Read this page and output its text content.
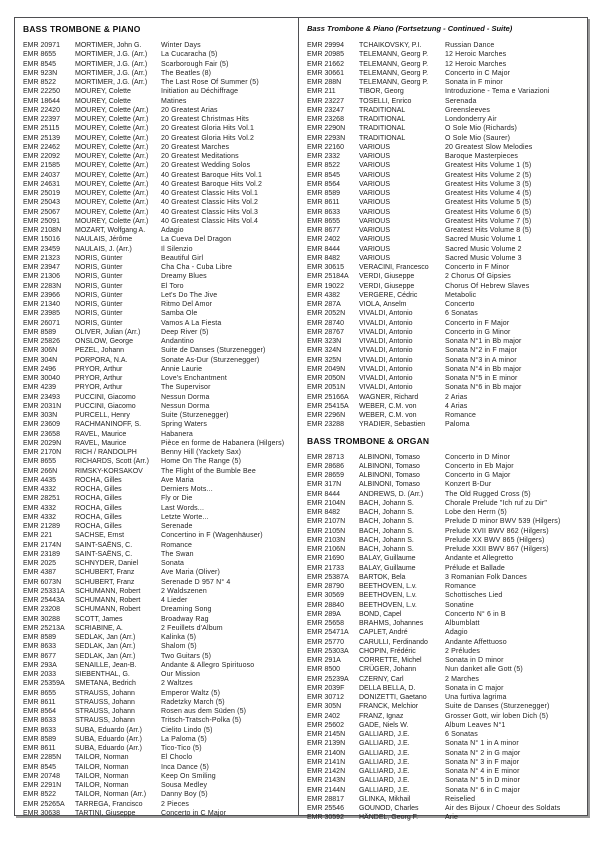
BASS TROMBONE & PIANO
EMR 20971	MORTIMER, John G.	Winter Days
EMR 8655	MORTIMER, J.G. (Arr.)	La Cucaracha (5)
EMR 8545	MORTIMER, J.G. (Arr.)	Scarborough Fair (5)
EMR 923N	MORTIMER, J.G. (Arr.)	The Beatles (8)
EMR 8522	MORTIMER, J.G. (Arr.)	The Last Rose Of Summer (5)
EMR 22250	MOUREY, Colette	Initiation au Déchiffrage
EMR 18644	MOUREY, Colette	Matines
EMR 22420	MOUREY, Colette (Arr.)	20 Greatest Arias
EMR 22397	MOUREY, Colette (Arr.)	20 Greatest Christmas Hits
EMR 25115	MOUREY, Colette (Arr.)	20 Greatest Gloria Hits Vol.1
EMR 25139	MOUREY, Colette (Arr.)	20 Greatest Gloria Hits Vol.2
EMR 22462	MOUREY, Colette (Arr.)	20 Greatest Marches
EMR 22092	MOUREY, Colette (Arr.)	20 Greatest Meditations
EMR 21585	MOUREY, Colette (Arr.)	20 Greatest Wedding Solos
EMR 24037	MOUREY, Colette (Arr.)	40 Greatest Baroque Hits Vol.1
EMR 24631	MOUREY, Colette (Arr.)	40 Greatest Baroque Hits Vol.2
EMR 25019	MOUREY, Colette (Arr.)	40 Greatest Classic Hits Vol.1
EMR 25043	MOUREY, Colette (Arr.)	40 Greatest Classic Hits Vol.2
EMR 25067	MOUREY, Colette (Arr.)	40 Greatest Classic Hits Vol.3
EMR 25091	MOUREY, Colette (Arr.)	40 Greatest Classic Hits Vol.4
EMR 2108N	MOZART, Wolfgang A.	Adagio
EMR 15016	NAULAIS, Jérôme	La Cueva Del Dragon
EMR 23459	NAULAIS, J. (Arr.)	Il Silenzio
EMR 21323	NORIS, Günter	Beautiful Girl
EMR 23947	NORIS, Günter	Cha Cha - Cuba Libre
EMR 21306	NORIS, Günter	Dreamy Blues
EMR 2283N	NORIS, Günter	El Toro
EMR 23966	NORIS, Günter	Let's Do The Jive
EMR 21340	NORIS, Günter	Ritmo Del Amor
EMR 23985	NORIS, Günter	Samba Ole
EMR 26071	NORIS, Günter	Vamos A La Fiesta
EMR 8589	OLIVER, Julian (Arr.)	Deep River (5)
EMR 25826	ONSLOW, George	Andantino
EMR 306N	PEZEL, Johann	Suite de Danses (Sturzenegger)
EMR 304N	PORPORA, N.A.	Sonate As-Dur (Sturzenegger)
EMR 2496	PRYOR, Arthur	Annie Laurie
EMR 30040	PRYOR, Arthur	Love's Enchantment
EMR 4239	PRYOR, Arthur	The Supervisor
EMR 23493	PUCCINI, Giacomo	Nessun Dorma
EMR 2031N	PUCCINI, Giacomo	Nessun Dorma
EMR 303N	PURCELL, Henry	Suite (Sturzenegger)
EMR 23609	RACHMANINOFF, S.	Spring Waters
EMR 23658	RAVEL, Maurice	Habanera
EMR 2029N	RAVEL, Maurice	Pièce en forme de Habanera (Hilgers)
EMR 2170N	RICH / RANDOLPH	Benny Hill (Yackety Sax)
EMR 8655	RICHARDS, Scott (Arr.)	Home On The Range (5)
EMR 266N	RIMSKY-KORSAKOV	The Flight of the Bumble Bee
EMR 4435	ROCHA, Gilles	Ave Maria
EMR 4332	ROCHA, Gilles	Derniers Mots...
EMR 28251	ROCHA, Gilles	Fly or Die
EMR 4332	ROCHA, Gilles	Last Words...
EMR 4332	ROCHA, Gilles	Letzte Worte...
EMR 21289	ROCHA, Gilles	Serenade
EMR 221	SACHSE, Ernst	Concertino in F (Wagenhäuser)
EMR 2174N	SAINT-SAËNS, C.	Romance
EMR 23189	SAINT-SAËNS, C.	The Swan
EMR 2025	SCHNYDER, Daniel	Sonata
EMR 4387	SCHUBERT, Franz	Ave Maria (Oliver)
EMR 6073N	SCHUBERT, Franz	Serenade D 957 N° 4
EMR 25331A	SCHUMANN, Robert	2 Waldszenen
EMR 25443A	SCHUMANN, Robert	4 Lieder
EMR 23208	SCHUMANN, Robert	Dreaming Song
EMR 30288	SCOTT, James	Broadway Rag
EMR 25213A	SCRIABINE, A.	2 Feuillets d'Album
EMR 8589	SEDLAK, Jan (Arr.)	Kalinka (5)
EMR 8633	SEDLAK, Jan (Arr.)	Shalom (5)
EMR 8677	SEDLAK, Jan (Arr.)	Two Guitars (5)
EMR 293A	SENAILLE, Jean-B.	Andante & Allegro Spirituoso
EMR 2033	SIEBENTHAL, G.	Our Mission
EMR 25359A	SMETANA, Bedrich	2 Waltzes
EMR 8655	STRAUSS, Johann	Emperor Waltz (5)
EMR 8611	STRAUSS, Johann	Radetzky March (5)
EMR 8564	STRAUSS, Johann	Rosen aus dem Süden (5)
EMR 8633	STRAUSS, Johann	Tritsch-Tratsch-Polka (5)
EMR 8633	SUBA, Eduardo (Arr.)	Cielito Lindo (5)
EMR 8589	SUBA, Eduardo (Arr.)	La Paloma (5)
EMR 8611	SUBA, Eduardo (Arr.)	Tico-Tico (5)
EMR 2285N	TAILOR, Norman	El Choclo
EMR 8545	TAILOR, Norman	Inca Dance (5)
EMR 20748	TAILOR, Norman	Keep On Smiling
EMR 2291N	TAILOR, Norman	Sousa Medley
EMR 8522	TAILOR, Norman (Arr.)	Danny Boy (5)
EMR 25265A	TARREGA, Francisco	2 Pieces
EMR 30638	TARTINI, Giuseppe	Concerto in C Major
Bass Trombone & Piano (Fortsetzung - Continued - Suite)
EMR 29994	TCHAIKOVSKY, P.I.	Russian Dance
EMR 20985	TELEMANN, Georg P.	12 Heroic Marches
EMR 21662	TELEMANN, Georg P.	12 Heroic Marches
EMR 30661	TELEMANN, Georg P.	Concerto in C Major
EMR 288N	TELEMANN, Georg P.	Sonata in F minor
EMR 211	TIBOR, Georg	Introduzione - Tema e Variazioni
EMR 23227	TOSELLI, Enrico	Serenada
EMR 23247	TRADITIONAL	Greensleeves
EMR 23268	TRADITIONAL	Londonderry Air
EMR 2290N	TRADITIONAL	O Sole Mio (Richards)
EMR 2293N	TRADITIONAL	O Sole Mio (Saurer)
EMR 22160	VARIOUS	20 Greatest Slow Melodies
EMR 2332	VARIOUS	Baroque Masterpieces
EMR 8522	VARIOUS	Greatest Hits Volume 1 (5)
EMR 8545	VARIOUS	Greatest Hits Volume 2 (5)
EMR 8564	VARIOUS	Greatest Hits Volume 3 (5)
EMR 8589	VARIOUS	Greatest Hits Volume 4 (5)
EMR 8611	VARIOUS	Greatest Hits Volume 5 (5)
EMR 8633	VARIOUS	Greatest Hits Volume 6 (5)
EMR 8655	VARIOUS	Greatest Hits Volume 7 (5)
EMR 8677	VARIOUS	Greatest Hits Volume 8 (5)
EMR 2402	VARIOUS	Sacred Music Volume 1
EMR 8444	VARIOUS	Sacred Music Volume 2
EMR 8482	VARIOUS	Sacred Music Volume 3
EMR 30615	VERACINI, Francesco	Concerto in F Minor
EMR 25184A	VERDI, Giuseppe	2 Chorus Of Gipsies
EMR 19022	VERDI, Giuseppe	Chorus Of Hebrew Slaves
EMR 4382	VERGERE, Cédric	Metabolic
EMR 287A	VIOLA, Anselm	Concerto
EMR 2052N	VIVALDI, Antonio	6 Sonatas
EMR 28740	VIVALDI, Antonio	Concerto in F Major
EMR 28767	VIVALDI, Antonio	Concerto in G Minor
EMR 323N	VIVALDI, Antonio	Sonata N°1 in Bb major
EMR 324N	VIVALDI, Antonio	Sonata N°2 in F major
EMR 325N	VIVALDI, Antonio	Sonata N°3 in A minor
EMR 2049N	VIVALDI, Antonio	Sonata N°4 in Bb major
EMR 2050N	VIVALDI, Antonio	Sonata N°5 in E minor
EMR 2051N	VIVALDI, Antonio	Sonata N°6 in Bb major
EMR 25166A	WAGNER, Richard	2 Arias
EMR 25415A	WEBER, C.M. von	4 Arias
EMR 2296N	WEBER, C.M. von	Romance
EMR 23288	YRADIER, Sebastien	Paloma
BASS TROMBONE & ORGAN
EMR 28713	ALBINONI, Tomaso	Concerto in D Minor
EMR 28686	ALBINONI, Tomaso	Concerto in Eb Major
EMR 28659	ALBINONI, Tomaso	Concerto in G Major
EMR 317N	ALBINONI, Tomaso	Konzert B-Dur
EMR 8444	ANDREWS, D. (Arr.)	The Old Rugged Cross (5)
EMR 2104N	BACH, Johann S.	Chorale Prelude "Ich ruf zu Dir"
EMR 8482	BACH, Johann S.	Lobe den Herrn (5)
EMR 2107N	BACH, Johann S.	Prelude D minor BWV 539 (Hilgers)
EMR 2105N	BACH, Johann S.	Prelude XVII BWV 862 (Hilgers)
EMR 2103N	BACH, Johann S.	Prelude XX BWV 865 (Hilgers)
EMR 2106N	BACH, Johann S.	Prelude XXII BWV 867 (Hilgers)
EMR 21690	BALAY, Guillaume	Andante et Allegretto
EMR 21733	BALAY, Guillaume	Prélude et Ballade
EMR 25387A	BARTOK, Bela	3 Romanian Folk Dances
EMR 28790	BEETHOVEN, L.v.	Romance
EMR 30569	BEETHOVEN, L.v.	Schottisches Lied
EMR 28840	BEETHOVEN, L.v.	Sonatine
EMR 289A	BOND, Capel	Concerto N° 6 in B
EMR 25658	BRAHMS, Johannes	Albumblatt
EMR 25471A	CAPLET, André	Adagio
EMR 25770	CARULLI, Ferdinando	Andante Affettuoso
EMR 25303A	CHOPIN, Frédéric	2 Préludes
EMR 291A	CORRETTE, Michel	Sonata in D minor
EMR 8500	CRÜGER, Johann	Nun danket alle Gott (5)
EMR 25239A	CZERNY, Carl	2 Marches
EMR 2039F	DELLA BELLA, D.	Sonata in C major
EMR 30712	DONIZETTI, Gaetano	Una furtiva lagrima
EMR 305N	FRANCK, Melchior	Suite de Danses (Sturzenegger)
EMR 2402	FRANZ, Ignaz	Grosser Gott, wir loben Dich (5)
EMR 25602	GADE, Niels W.	Album Leaves N°1
EMR 2145N	GALLIARD, J.E.	6 Sonatas
EMR 2139N	GALLIARD, J.E.	Sonata N° 1 in A minor
EMR 2140N	GALLIARD, J.E.	Sonata N° 2 in G major
EMR 2141N	GALLIARD, J.E.	Sonata N° 3 in F major
EMR 2142N	GALLIARD, J.E.	Sonata N° 4 in E minor
EMR 2143N	GALLIARD, J.E.	Sonata N° 5 in D minor
EMR 2144N	GALLIARD, J.E.	Sonata N° 6 in C major
EMR 28817	GLINKA, Mikhail	Reiselied
EMR 25546	GOUNOD, Charles	Air des Bijoux / Choeur des Soldats
EMR 30592	HÄNDEL, Georg F.	Arie
